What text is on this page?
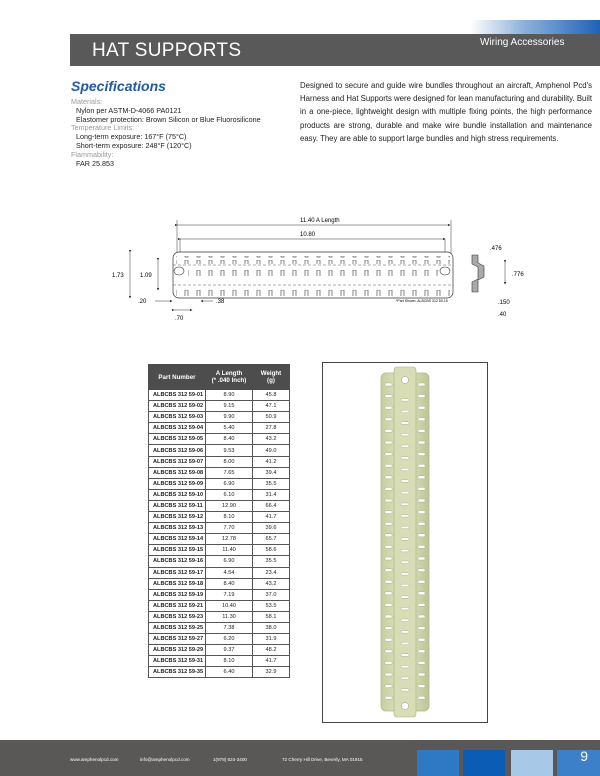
HAT SUPPORTS	Wiring Accessories
Specifications
Materials:
Nylon per ASTM-D-4066 PA0121
Elastomer protection: Brown Silicon or Blue Fluorosilicone
Temperature Limits:
Long-term exposure: 167°F (75°C)
Short-term exposure: 248°F (120°C)
Flammability:
FAR 25.853
Designed to secure and guide wire bundles throughout an aircraft, Amphenol Pcd's Harness and Hat Supports were designed for lean manufacturing and durability. Built in a one-piece, lightweight design with multiple fixing points, the high performance products are strong, durable and make wire bundle installation and maintenance easy. They are able to support large bundles and high stress requirements.
11.40 A Length
10.80
1.73	1.09
.20	.38
.70
*Part Shown: ALBCBS 312 59-15
.476
.776
.150
.40
Part Number	A Length
(* .040 Inch)	Weight
(g)
ALBCBS 312 59-01	8.90	45.8
ALBCBS 312 59-02	9.15	47.1
ALBCBS 312 59-03	9.90	50.9
ALBCBS 312 59-04	5.40	27.8
ALBCBS 312 59-05	8.40	43.2
ALBCBS 312 59-06	9.53	49.0
ALBCBS 312 59-07	8.00	41.2
ALBCBS 312 59-08	7.65	39.4
ALBCBS 312 59-09	6.90	35.5
ALBCBS 312 59-10	6.10	31.4
ALBCBS 312 59-11	12.90	66.4
ALBCBS 312 59-12	8.10	41.7
ALBCBS 312 59-13	7.70	39.6
ALBCBS 312 59-14	12.78	65.7
ALBCBS 312 59-15	11.40	58.6
ALBCBS 312 59-16	6.90	35.5
ALBCBS 312 59-17	4.54	23.4
ALBCBS 312 59-18	8.40	43.2
ALBCBS 312 59-19	7.19	37.0
ALBCBS 312 59-21	10.40	53.5
ALBCBS 312 59-23	11.30	58.1
ALBCBS 312 59-25	7.38	38.0
ALBCBS 312 59-27	6.20	31.9
ALBCBS 312 59-29	9.37	48.2
ALBCBS 312 59-31	8.10	41.7
ALBCBS 312 59-35	6.40	32.9
www.amphenolpcd.com	info@amphenolpcd.com	1(978) 624-3400	72 Cherry Hill Drive, Beverly, MA 01915	9
